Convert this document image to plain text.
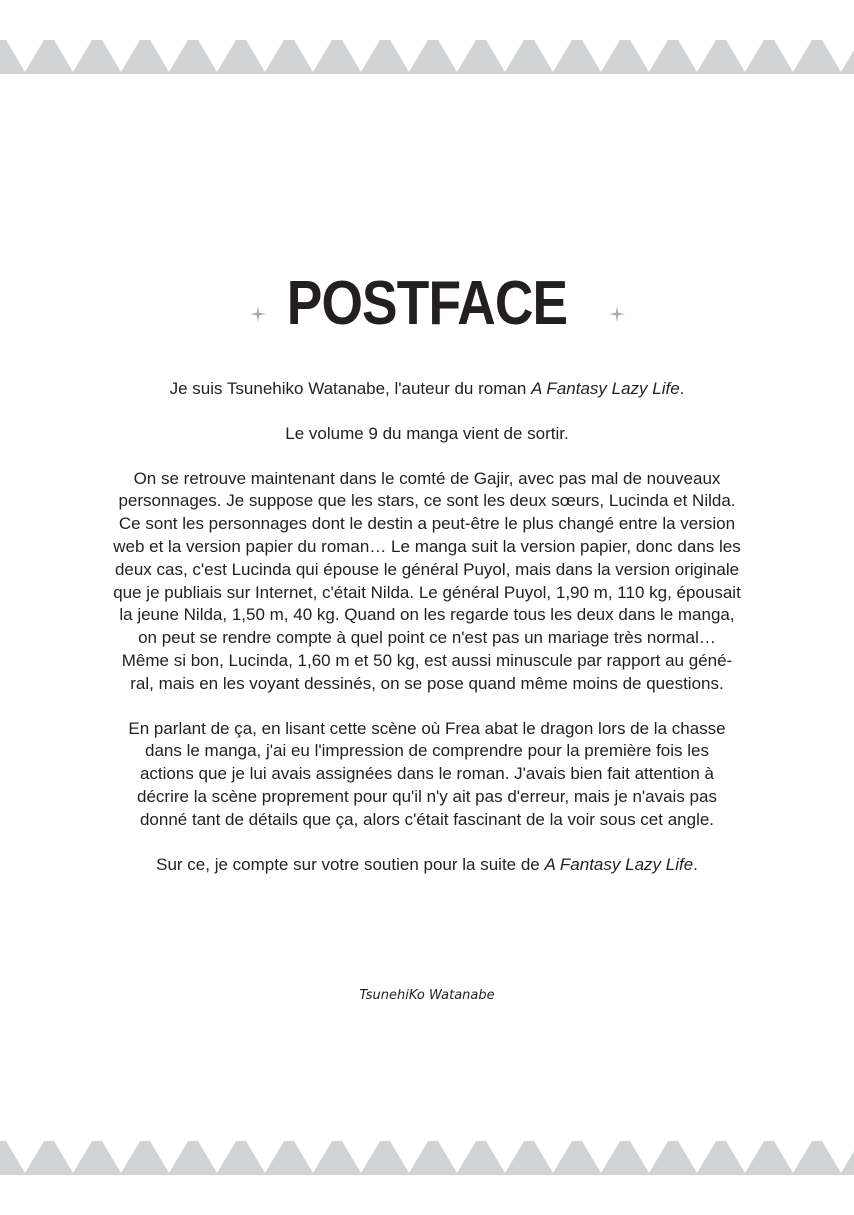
POSTFACE

Je suis Tsunehiko Watanabe, l'auteur du roman A Fantasy Lazy Life.

Le volume 9 du manga vient de sortir.

On se retrouve maintenant dans le comté de Gajir, avec pas mal de nouveaux
personnages. Je suppose que les stars, ce sont les deux sœurs, Lucinda et Nilda.
Ce sont les personnages dont le destin a peut-être le plus changé entre la version
web et la version papier du roman… Le manga suit la version papier, donc dans les
deux cas, c'est Lucinda qui épouse le général Puyol, mais dans la version originale
que je publiais sur Internet, c'était Nilda. Le général Puyol, 1,90 m, 110 kg, épousait
la jeune Nilda, 1,50 m, 40 kg. Quand on les regarde tous les deux dans le manga,
on peut se rendre compte à quel point ce n'est pas un mariage très normal…
Même si bon, Lucinda, 1,60 m et 50 kg, est aussi minuscule par rapport au géné-
ral, mais en les voyant dessinés, on se pose quand même moins de questions.

En parlant de ça, en lisant cette scène où Frea abat le dragon lors de la chasse
dans le manga, j'ai eu l'impression de comprendre pour la première fois les
actions que je lui avais assignées dans le roman. J'avais bien fait attention à
décrire la scène proprement pour qu'il n'y ait pas d'erreur, mais je n'avais pas
donné tant de détails que ça, alors c'était fascinant de la voir sous cet angle.

Sur ce, je compte sur votre soutien pour la suite de A Fantasy Lazy Life.

TsunehiKo Watanabe
